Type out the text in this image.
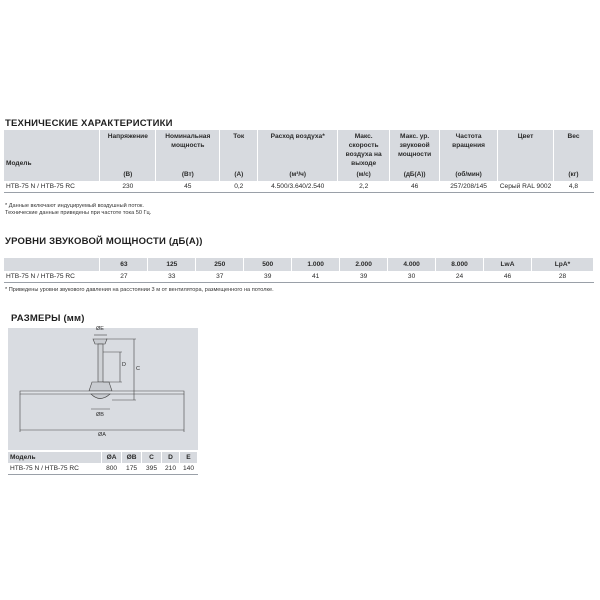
ТЕХНИЧЕСКИЕ ХАРАКТЕРИСТИКИ
Модель	Напряжение	Номинальная мощность	Ток	Расход воздуха*	Макс. скорость воздуха на выходе	Макс. ур. звуковой мощности	Частота вращения	Цвет	Вес
	(В)	(Вт)	(А)	(м³/ч)	(м/с)	(дБ(А))	(об/мин)		(кг)
HTB-75 N / HTB-75 RC	230	45	0,2	4.500/3.640/2.540	2,2	46	257/208/145	Серый RAL 9002	4,8
* Данные включают индуцируемый воздушный поток.
Технические данные приведены при частоте тока 50 Гц.
УРОВНИ ЗВУКОВОЙ МОЩНОСТИ (дБ(А))
	63	125	250	500	1.000	2.000	4.000	8.000	LwA	LpA*
HTB-75 N / HTB-75 RC	27	33	37	39	41	39	30	24	46	28
* Приведены уровни звукового давления на расстоянии 3 м от вентилятора, размещенного на потолке.
РАЗМЕРЫ (мм)
ØE
D
C
ØB
ØA
Модель	ØA	ØB	C	D	E
HTB-75 N / HTB-75 RC	800	175	395	210	140
